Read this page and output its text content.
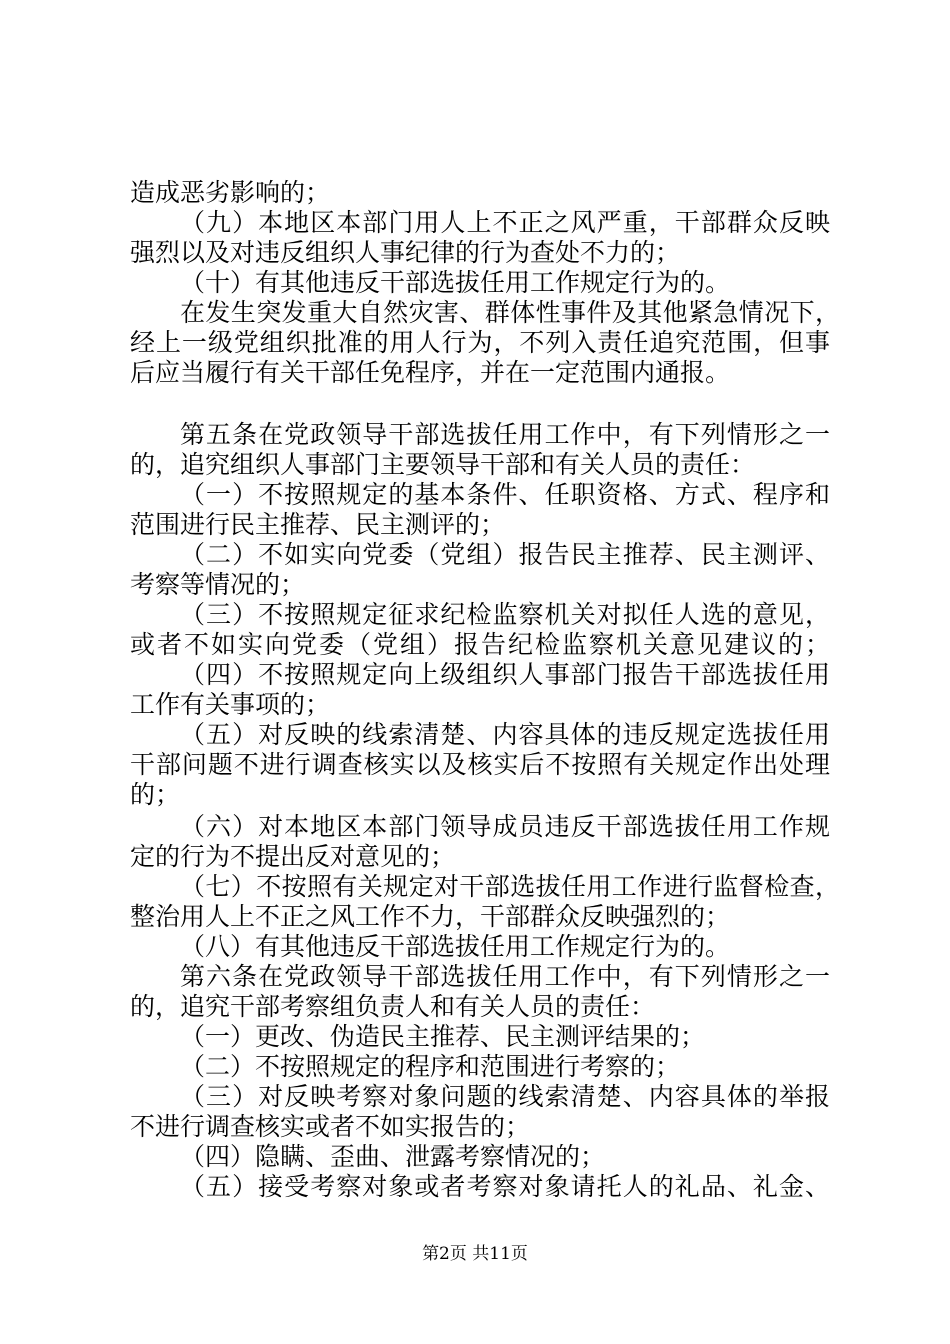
造成恶劣影响的；
（九）本地区本部门用人上不正之风严重，干部群众反映
强烈以及对违反组织人事纪律的行为查处不力的；
（十）有其他违反干部选拔任用工作规定行为的。
在发生突发重大自然灾害、群体性事件及其他紧急情况下，
经上一级党组织批准的用人行为，不列入责任追究范围，但事
后应当履行有关干部任免程序，并在一定范围内通报。
第五条在党政领导干部选拔任用工作中，有下列情形之一
的，追究组织人事部门主要领导干部和有关人员的责任：
（一）不按照规定的基本条件、任职资格、方式、程序和
范围进行民主推荐、民主测评的；
（二）不如实向党委（党组）报告民主推荐、民主测评、
考察等情况的；
（三）不按照规定征求纪检监察机关对拟任人选的意见，
或者不如实向党委（党组）报告纪检监察机关意见建议的；
（四）不按照规定向上级组织人事部门报告干部选拔任用
工作有关事项的；
（五）对反映的线索清楚、内容具体的违反规定选拔任用
干部问题不进行调查核实以及核实后不按照有关规定作出处理
的；
（六）对本地区本部门领导成员违反干部选拔任用工作规
定的行为不提出反对意见的；
（七）不按照有关规定对干部选拔任用工作进行监督检查，
整治用人上不正之风工作不力，干部群众反映强烈的；
（八）有其他违反干部选拔任用工作规定行为的。
第六条在党政领导干部选拔任用工作中，有下列情形之一
的，追究干部考察组负责人和有关人员的责任：
（一）更改、伪造民主推荐、民主测评结果的；
（二）不按照规定的程序和范围进行考察的；
（三）对反映考察对象问题的线索清楚、内容具体的举报
不进行调查核实或者不如实报告的；
（四）隐瞒、歪曲、泄露考察情况的；
（五）接受考察对象或者考察对象请托人的礼品、礼金、
第2页 共11页
